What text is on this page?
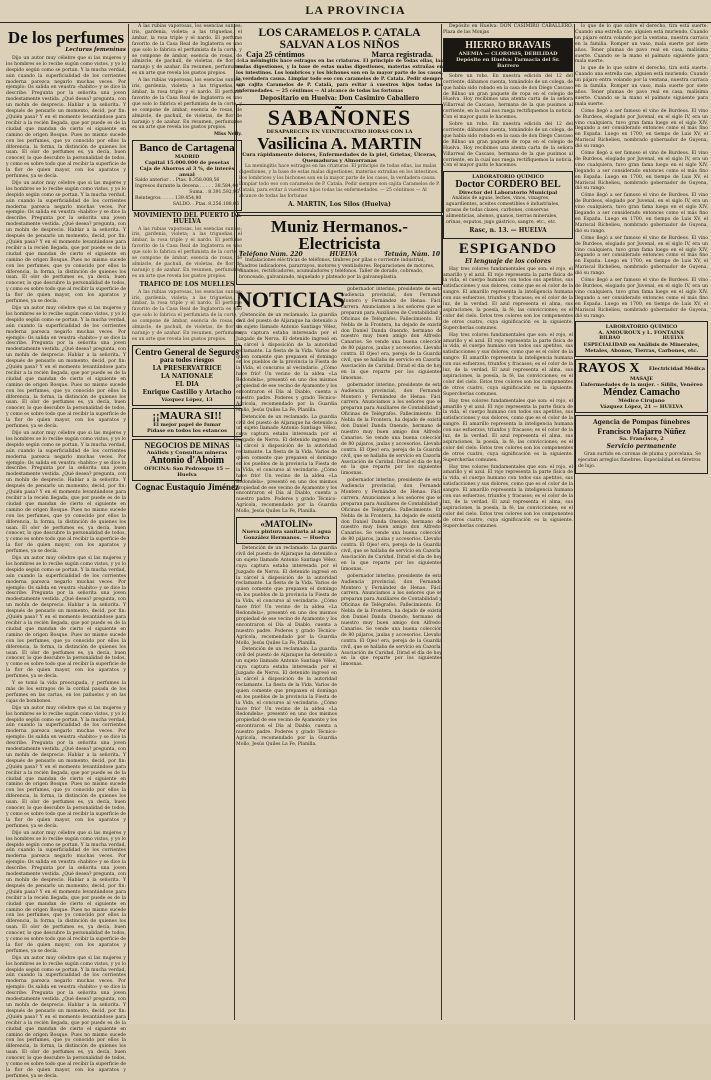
LA PROVINCIA
De los perfumes
Lecturas femeninas

Dijo un autor muy célebre que si las mujeres y los hombres se lo recibe sugún como vistos, y yo lo despido según como se portan. Y la mucha verdad, aún cuando la superficialidad de los corrientes moderna parezca negarlo muchas veces. Por ejemplo: Os salida en veustra «habito» y se dice la describe. Pregunta por la señorita una joven modestamente vestida. ¿Qué desea? pregunta, con un mohín de desprecio. Hablar a la señorita. Y después de pensarlo un momento, decid, por fin: ¿Quién pasa? Y en el momento levantándose para recibir a la recién llegada, que por puede es de la ciudad que mandan de cierto el siguiente en camino de origen Bosque. Pues no mismo sucede con los perfumes, que yo conocido por ellos la diferencia, la forma, la distinción de quienes los usan. El olor de perfumes es, ya decía, buen conocer, lo que descubre la personalidad de todos, y como es sobre todo que al recibir la superficie de la flor de quien mayor, con los aparatos y perfumes, ya se decía.

Dijo un autor muy célebre que si las mujeres y los hombres se lo recibe sugún como vistos, y yo lo despido según como se portan. Y la mucha verdad, aún cuando la superficialidad de los corrientes moderna parezca negarlo muchas veces. Por ejemplo: Os salida en veustra «habito» y se dice la describe. Pregunta por la señorita una joven modestamente vestida. ¿Qué desea? pregunta, con un mohín de desprecio. Hablar a la señorita. Y después de pensarlo un momento, decid, por fin: ¿Quién pasa? Y en el momento levantándose para recibir a la recién llegada, que por puede es de la ciudad que mandan de cierto el siguiente en camino de origen Bosque. Pues no mismo sucede con los perfumes, que yo conocido por ellos la diferencia, la forma, la distinción de quienes los usan. El olor de perfumes es, ya decía, buen conocer, lo que descubre la personalidad de todos, y como es sobre todo que al recibir la superficie de la flor de quien mayor, con los aparatos y perfumes, ya se decía.

Dijo un autor muy célebre que si las mujeres y los hombres se lo recibe sugún como vistos, y yo lo despido según como se portan. Y la mucha verdad, aún cuando la superficialidad de los corrientes moderna parezca negarlo muchas veces. Por ejemplo: Os salida en veustra «habito» y se dice la describe. Pregunta por la señorita una joven modestamente vestida. ¿Qué desea? pregunta, con un mohín de desprecio. Hablar a la señorita. Y después de pensarlo un momento, decid, por fin: ¿Quién pasa? Y en el momento levantándose para recibir a la recién llegada, que por puede es de la ciudad que mandan de cierto el siguiente en camino de origen Bosque. Pues no mismo sucede con los perfumes, que yo conocido por ellos la diferencia, la forma, la distinción de quienes los usan. El olor de perfumes es, ya decía, buen conocer, lo que descubre la personalidad de todos, y como es sobre todo que al recibir la superficie de la flor de quien mayor, con los aparatos y perfumes, ya se decía.

Dijo un autor muy célebre que si las mujeres y los hombres se lo recibe sugún como vistos, y yo lo despido según como se portan. Y la mucha verdad, aún cuando la superficialidad de los corrientes moderna parezca negarlo muchas veces. Por ejemplo: Os salida en veustra «habito» y se dice la describe. Pregunta por la señorita una joven modestamente vestida. ¿Qué desea? pregunta, con un mohín de desprecio. Hablar a la señorita. Y después de pensarlo un momento, decid, por fin: ¿Quién pasa? Y en el momento levantándose para recibir a la recién llegada, que por puede es de la ciudad que mandan de cierto el siguiente en camino de origen Bosque. Pues no mismo sucede con los perfumes, que yo conocido por ellos la diferencia, la forma, la distinción de quienes los usan. El olor de perfumes es, ya decía, buen conocer, lo que descubre la personalidad de todos, y como es sobre todo que al recibir la superficie de la flor de quien mayor, con los aparatos y perfumes, ya se decía.

Dijo un autor muy célebre que si las mujeres y los hombres se lo recibe sugún como vistos, y yo lo despido según como se portan. Y la mucha verdad, aún cuando la superficialidad de los corrientes moderna parezca negarlo muchas veces. Por ejemplo: Os salida en veustra «habito» y se dice la describe. Pregunta por la señorita una joven modestamente vestida. ¿Qué desea? pregunta, con un mohín de desprecio. Hablar a la señorita. Y después de pensarlo un momento, decid, por fin: ¿Quién pasa? Y en el momento levantándose para recibir a la recién llegada, que por puede es de la ciudad que mandan de cierto el siguiente en camino de origen Bosque. Pues no mismo sucede con los perfumes, que yo conocido por ellos la diferencia, la forma, la distinción de quienes los usan. El olor de perfumes es, ya decía, buen conocer, lo que descubre la personalidad de todos, y como es sobre todo que al recibir la superficie de la flor de quien mayor, con los aparatos y perfumes, ya se decía.

Y se tomó la vida preocupada, y perfumes la más de los estragos de la cordial pasada de los perfumes en las cartas, en los pañuelos y en las cajas de bombones.

Dijo un autor muy célebre que si las mujeres y los hombres se lo recibe sugún como vistos, y yo lo despido según como se portan. Y la mucha verdad, aún cuando la superficialidad de los corrientes moderna parezca negarlo muchas veces. Por ejemplo: Os salida en veustra «habito» y se dice la describe. Pregunta por la señorita una joven modestamente vestida. ¿Qué desea? pregunta, con un mohín de desprecio. Hablar a la señorita. Y después de pensarlo un momento, decid, por fin: ¿Quién pasa? Y en el momento levantándose para recibir a la recién llegada, que por puede es de la ciudad que mandan de cierto el siguiente en camino de origen Bosque. Pues no mismo sucede con los perfumes, que yo conocido por ellos la diferencia, la forma, la distinción de quienes los usan. El olor de perfumes es, ya decía, buen conocer, lo que descubre la personalidad de todos, y como es sobre todo que al recibir la superficie de la flor de quien mayor, con los aparatos y perfumes, ya se decía.

Dijo un autor muy célebre que si las mujeres y los hombres se lo recibe sugún como vistos, y yo lo despido según como se portan. Y la mucha verdad, aún cuando la superficialidad de los corrientes moderna parezca negarlo muchas veces. Por ejemplo: Os salida en veustra «habito» y se dice la describe. Pregunta por la señorita una joven modestamente vestida. ¿Qué desea? pregunta, con un mohín de desprecio. Hablar a la señorita. Y después de pensarlo un momento, decid, por fin: ¿Quién pasa? Y en el momento levantándose para recibir a la recién llegada, que por puede es de la ciudad que mandan de cierto el siguiente en camino de origen Bosque. Pues no mismo sucede con los perfumes, que yo conocido por ellos la diferencia, la forma, la distinción de quienes los usan. El olor de perfumes es, ya decía, buen conocer, lo que descubre la personalidad de todos, y como es sobre todo que al recibir la superficie de la flor de quien mayor, con los aparatos y perfumes, ya se decía.

Dijo un autor muy célebre que si las mujeres y los hombres se lo recibe sugún como vistos, y yo lo despido según como se portan. Y la mucha verdad, aún cuando la superficialidad de los corrientes moderna parezca negarlo muchas veces. Por ejemplo: Os salida en veustra «habito» y se dice la describe. Pregunta por la señorita una joven modestamente vestida. ¿Qué desea? pregunta, con un mohín de desprecio. Hablar a la señorita. Y después de pensarlo un momento, decid, por fin: ¿Quién pasa? Y en el momento levantándose para recibir a la recién llegada, que por puede es de la ciudad que mandan de cierto el siguiente en camino de origen Bosque. Pues no mismo sucede con los perfumes, que yo conocido por ellos la diferencia, la forma, la distinción de quienes los usan. El olor de perfumes es, ya decía, buen conocer, lo que descubre la personalidad de todos, y como es sobre todo que al recibir la superficie de la flor de quien mayor, con los aparatos y perfumes, ya se decía.

A las rubias vaporosas, los esencias suntes; iris, gardenia, violeta; a las trigueñas, el ámbar, la rosa triple y el nardo. El perfume favorito de la Casa Real de Inglaterra es uno que solo lo fabrica el perfumista de la corte, y se compone de ámbar, esencia de rosas, de almizcle, de pachulí, de violetas, de flor de naranjo y de azahar. En resumen, perfumarse es un arte que revela los gustos propios.

A las rubias vaporosas, los esencias suntes; iris, gardenia, violeta; a las trigueñas, el ámbar, la rosa triple y el nardo. El perfume favorito de la Casa Real de Inglaterra es uno que solo lo fabrica el perfumista de la corte, y se compone de ámbar, esencia de rosas, de almizcle, de pachulí, de violetas, de flor de naranjo y de azahar. En resumen, perfumarse es un arte que revela los gustos propios.

Miss Nelly.
Banco de Cartagena
MADRID
Capital 15.000.000 de pesetas
Caja de Ahorros al 3 %, de interés anual
Saldo anterior . . Ptas. 8.358.008,56
Ingresos durante la decena . . . . . 38.584,40
Suma. . 8.391.592,96
Reintegros. . . . . 139.454,80
SALDO. . Ptas. 8.256.188,06
MOVIMIENTO DEL PUERTO DE HUELVA

A las rubias vaporosas, los esencias suntes; iris, gardenia, violeta; a las trigueñas, el ámbar, la rosa triple y el nardo. El perfume favorito de la Casa Real de Inglaterra es uno que solo lo fabrica el perfumista de la corte, y se compone de ámbar, esencia de rosas, de almizcle, de pachulí, de violetas, de flor de naranjo y de azahar. En resumen, perfumarse es un arte que revela los gustos propios.

TRAFICO DE LOS MUELLES

A las rubias vaporosas, los esencias suntes; iris, gardenia, violeta; a las trigueñas, el ámbar, la rosa triple y el nardo. El perfume favorito de la Casa Real de Inglaterra es uno que solo lo fabrica el perfumista de la corte, y se compone de ámbar, esencia de rosas, de almizcle, de pachulí, de violetas, de flor de naranjo y de azahar. En resumen, perfumarse es un arte que revela los gustos propios.

Centro General de Seguros
para todos riesgos
LA PRESERVATRICE
LA NATIONALE
EL DIA
Enrique Castillo y Artacho
Vázquez López, 13
¡¡MAURA SI!!
El mejor papel de fumar
Pídase en todos los estancos
NEGOCIOS DE MINAS
Análisis y Consultas mineras
Antonio d'Aboim
OFICINA: San Pedrosque 15 — Huelva
Cognac Eustaquio Jiménez
LOS CARAMELOS P. CATALA SALVAN A LOS NIÑOS
Caja 25 céntimos	Marca registrada.

La meningitis hace estragos en las criaturas. El principio de todas ellas, las malas digestiones, y la base de estas malas digestiones, materias extrañas en los intestinos. Los lombrices y los bichones son en la mayor parte de los casos, la verdadera causa. Limpiar todo eso con caramelos de P. Catala. Pedir siempre son cajita Caramelos de P. Catalá, para evitar á vuestros hijos todas las enfermedades. — 25 céntimos — Al alcance de todas las fortunas

Depositario en Huelva: Don Casimiro Caballero
SABAÑONES
DESAPARECEN EN VEINTICUATRO HORAS CON LA
Vasilicina A. MARTIN
Cura rápidamente dolores, Enfermedades de la piel, Grietas, Úlceras, Quemaduras y Almorranas

La meningitis hace estragos en las criaturas. El principio de todas ellas, las malas digestiones, y la base de estas malas digestiones, materias extrañas en los intestinos. Los lombrices y los bichones son en la mayor parte de los casos, la verdadera causa. Limpiar todo eso con caramelos de P. Catala. Pedir siempre son cajita Caramelos de P. Catalá, para evitar á vuestros hijos todas las enfermedades. — 25 céntimos — Al alcance de todas las fortunas

A. MARTIN, Los Silos (Huelva)
Muniz Hermanos.-Electricista
Teléfono Núm. 220	HUELVA	Tetuán, Núm. 10

Instalaciones eléctricas de teléfonos, timbres por pilas o corriente industrial, cuadros indicadores, pararrayos, motores y ventiladores. Reparaciones de motores, dinamos, rectificadores, acumuladores y teléfonos. Taller de dorado, cobreado, bronceado, galvanizado, niquelado y plateado por la galvanoplastia.

NOTICIAS

Detención de un reclamado. La guardia civil del puesto de Aljaraque ha detenido a un sujeto llamado Antonio Santiago Vélez, cuya captura estaba interesada por el Juzgado de Nerva. El detenido ingresó en la cárcel á disposición de la autoridad reclamante. La fiesta de la Vida. Varios de quien comente que prepaxen el domingo en los pueblos de la provincia la Fiesta de la Vida, el concurso al vecindario. ¿Cómo hace frío! Un vecino de la aldea «La Redondela», presentó en uno dos mismos propiedad de ese vecino de Ayamonte y los encontraron el Día al Diablo, cuenta a nuestro padre. Poderes y grado Técnico-Agrícola, recomendado por la Guardia Mollo, Jesús Quiles La Fe, Planilla.

Detención de un reclamado. La guardia civil del puesto de Aljaraque ha detenido a un sujeto llamado Antonio Santiago Vélez, cuya captura estaba interesada por el Juzgado de Nerva. El detenido ingresó en la cárcel á disposición de la autoridad reclamante. La fiesta de la Vida. Varios de quien comente que prepaxen el domingo en los pueblos de la provincia la Fiesta de la Vida, el concurso al vecindario. ¿Cómo hace frío! Un vecino de la aldea «La Redondela», presentó en uno dos mismos propiedad de ese vecino de Ayamonte y los encontraron el Día al Diablo, cuenta a nuestro padre. Poderes y grado Técnico-Agrícola, recomendado por la Guardia Mollo, Jesús Quiles La Fe, Planilla.

«MATOLIN»
Nueva pintura sanitaria al agua
González Hermanos. — Huelva

Detención de un reclamado. La guardia civil del puesto de Aljaraque ha detenido a un sujeto llamado Antonio Santiago Vélez, cuya captura estaba interesada por el Juzgado de Nerva. El detenido ingresó en la cárcel á disposición de la autoridad reclamante. La fiesta de la Vida. Varios de quien comente que prepaxen el domingo en los pueblos de la provincia la Fiesta de la Vida, el concurso al vecindario. ¿Cómo hace frío! Un vecino de la aldea «La Redondela», presentó en uno dos mismos propiedad de ese vecino de Ayamonte y los encontraron el Día al Diablo, cuenta a nuestro padre. Poderes y grado Técnico-Agrícola, recomendado por la Guardia Mollo, Jesús Quiles La Fe, Planilla.

Detención de un reclamado. La guardia civil del puesto de Aljaraque ha detenido a un sujeto llamado Antonio Santiago Vélez, cuya captura estaba interesada por el Juzgado de Nerva. El detenido ingresó en la cárcel á disposición de la autoridad reclamante. La fiesta de la Vida. Varios de quien comente que prepaxen el domingo en los pueblos de la provincia la Fiesta de la Vida, el concurso al vecindario. ¿Cómo hace frío! Un vecino de la aldea «La Redondela», presentó en uno dos mismos propiedad de ese vecino de Ayamonte y los encontraron el Día al Diablo, cuenta a nuestro padre. Poderes y grado Técnico-Agrícola, recomendado por la Guardia Mollo, Jesús Quiles La Fe, Planilla.

gobernador interino, presidente de esta Audiencia provincial, don Fernando Montero y Fernández de Henao. Fácil carrera. Anunciamos a los señores que se preparan para Auxiliares de Contabilidad y Oficinas de Telégrafos. Fallecimiento. En Nebla de la Frontera, ha dejado de existir don Daniel Danda Onendo, hermano de nuestro muy buen amigo don Alfredo. Canarios. Se vende una buena colección de 80 pájaros, jaulas y accesorios. Llevaba contra. El Ojeo! era, pereja de la Guardia civil, que se hallaba de servicio en Cazorla. Asociación de Caridad. Dirad el día de hoy en la que reparte por los siguientes limosnas.

gobernador interino, presidente de esta Audiencia provincial, don Fernando Montero y Fernández de Henao. Fácil carrera. Anunciamos a los señores que se preparan para Auxiliares de Contabilidad y Oficinas de Telégrafos. Fallecimiento. En Nebla de la Frontera, ha dejado de existir don Daniel Danda Onendo, hermano de nuestro muy buen amigo don Alfredo. Canarios. Se vende una buena colección de 80 pájaros, jaulas y accesorios. Llevaba contra. El Ojeo! era, pereja de la Guardia civil, que se hallaba de servicio en Cazorla. Asociación de Caridad. Dirad el día de hoy en la que reparte por los siguientes limosnas.

gobernador interino, presidente de esta Audiencia provincial, don Fernando Montero y Fernández de Henao. Fácil carrera. Anunciamos a los señores que se preparan para Auxiliares de Contabilidad y Oficinas de Telégrafos. Fallecimiento. En Nebla de la Frontera, ha dejado de existir don Daniel Danda Onendo, hermano de nuestro muy buen amigo don Alfredo. Canarios. Se vende una buena colección de 80 pájaros, jaulas y accesorios. Llevaba contra. El Ojeo! era, pereja de la Guardia civil, que se hallaba de servicio en Cazorla. Asociación de Caridad. Dirad el día de hoy en la que reparte por los siguientes limosnas.

gobernador interino, presidente de esta Audiencia provincial, don Fernando Montero y Fernández de Henao. Fácil carrera. Anunciamos a los señores que se preparan para Auxiliares de Contabilidad y Oficinas de Telégrafos. Fallecimiento. En Nebla de la Frontera, ha dejado de existir don Daniel Danda Onendo, hermano de nuestro muy buen amigo don Alfredo. Canarios. Se vende una buena colección de 80 pájaros, jaulas y accesorios. Llevaba contra. El Ojeo! era, pereja de la Guardia civil, que se hallaba de servicio en Cazorla. Asociación de Caridad. Dirad el día de hoy en la que reparte por los siguientes limosnas.

Depósito en Huelva: DON CASIMIRO CABALLERO, Plaza de las Monjas

HIERRO BRAVAIS
ANEMIA — CLOROSIS, DEBILIDAD
Depósito en Huelva: Farmacia del Sr. Barrero

Sobre un robo. En nuestra edición del 12 del corriente, dábamos cuenta, tomándolo de un colega, de que había sido robado en la casa de don Diego Cascaso de Bilbao un gran paquete de ropa en el colegio de Huelva. Hoy recibimos una atenta carta de la señora Villarreal de Cascaso, hermana de la que pusimos al corriente, en la cual nos ruega rectifiquemos la noticia. Con el mayor gusto le hacemos.

Sobre un robo. En nuestra edición del 12 del corriente, dábamos cuenta, tomándolo de un colega, de que había sido robado en la casa de don Diego Cascaso de Bilbao un gran paquete de ropa en el colegio de Huelva. Hoy recibimos una atenta carta de la señora Villarreal de Cascaso, hermana de la que pusimos al corriente, en la cual nos ruega rectifiquemos la noticia. Con el mayor gusto le hacemos.

LABORATORIO QUIMICO
Doctor CORDERO BEL
Director del Laboratorio Municipal

Análisis de aguas, leches, vinos, vinagres, aguardientes, aceites comestibles é industriales, grasas de todas clases, carbones, conservas alimenticias, abonos, guanos, tierras minerales, orinas, esputos, jugo gástrico, sangre, etc., etc.

Rasc, n. 13. — HUELVA
ESPIGANDO
El lenguaje de los colores

Hay tres colores fundamentales que son: el rojo, el amarillo y el azul. El rojo representa la parte física de la vida, el cuerpo humano con todos sus apetitos, sus satisfacciones y sus dolores, como que es el color de la sangre. El amarillo representa la inteligencia humana con sus esfuerzos, triunfos y fracasos; es el color de la luz, de la verdad. El azul representa el alma, sus aspiraciones, la poesía, la fé, las convicciones; es el color del cielo. Estos tres colores son los componentes de otros cuatro, cuya significación es la siguiente. Supercherías comunes.

Hay tres colores fundamentales que son: el rojo, el amarillo y el azul. El rojo representa la parte física de la vida, el cuerpo humano con todos sus apetitos, sus satisfacciones y sus dolores, como que es el color de la sangre. El amarillo representa la inteligencia humana con sus esfuerzos, triunfos y fracasos; es el color de la luz, de la verdad. El azul representa el alma, sus aspiraciones, la poesía, la fé, las convicciones; es el color del cielo. Estos tres colores son los componentes de otros cuatro, cuya significación es la siguiente. Supercherías comunes.

Hay tres colores fundamentales que son: el rojo, el amarillo y el azul. El rojo representa la parte física de la vida, el cuerpo humano con todos sus apetitos, sus satisfacciones y sus dolores, como que es el color de la sangre. El amarillo representa la inteligencia humana con sus esfuerzos, triunfos y fracasos; es el color de la luz, de la verdad. El azul representa el alma, sus aspiraciones, la poesía, la fé, las convicciones; es el color del cielo. Estos tres colores son los componentes de otros cuatro, cuya significación es la siguiente. Supercherías comunes.

Hay tres colores fundamentales que son: el rojo, el amarillo y el azul. El rojo representa la parte física de la vida, el cuerpo humano con todos sus apetitos, sus satisfacciones y sus dolores, como que es el color de la sangre. El amarillo representa la inteligencia humana con sus esfuerzos, triunfos y fracasos; es el color de la luz, de la verdad. El azul representa el alma, sus aspiraciones, la poesía, la fé, las convicciones; es el color del cielo. Estos tres colores son los componentes de otros cuatro, cuya significación es la siguiente. Supercherías comunes.

lo que de lo que sobre el derecho, tira está suerte. Cuando una estrella cae, alguien está muriendo. Cuando un pájaro entra volando por la ventana, nuestra carraca en la familia. Romper un vaso, mala suerte por siete años. Tener plumas de pavo real en casa, malísima suerte. Cuando se la mano el palmato siguiente para mala suerte.

lo que de lo que sobre el derecho, tira está suerte. Cuando una estrella cae, alguien está muriendo. Cuando un pájaro entra volando por la ventana, nuestra carraca en la familia. Romper un vaso, mala suerte por siete años. Tener plumas de pavo real en casa, malísima suerte. Cuando se la mano el palmato siguiente para mala suerte.

Cómo llegó a ser famoso el vino de Burdeos. El vino de Burdeos, elogiado por Juvenal, en el siglo IV, era un vino cualquiera, tuvo gran fama luego en el siglo XIV, llegando a ser considerado entonces como el más fino en España. Luego en 1700, en tiempo de Luis XV, el Mariscal Richelieu, nombrado gobernador de Guyena, dió su rango.

Cómo llegó a ser famoso el vino de Burdeos. El vino de Burdeos, elogiado por Juvenal, en el siglo IV, era un vino cualquiera, tuvo gran fama luego en el siglo XIV, llegando a ser considerado entonces como el más fino en España. Luego en 1700, en tiempo de Luis XV, el Mariscal Richelieu, nombrado gobernador de Guyena, dió su rango.

Cómo llegó a ser famoso el vino de Burdeos. El vino de Burdeos, elogiado por Juvenal, en el siglo IV, era un vino cualquiera, tuvo gran fama luego en el siglo XIV, llegando a ser considerado entonces como el más fino en España. Luego en 1700, en tiempo de Luis XV, el Mariscal Richelieu, nombrado gobernador de Guyena, dió su rango.

Cómo llegó a ser famoso el vino de Burdeos. El vino de Burdeos, elogiado por Juvenal, en el siglo IV, era un vino cualquiera, tuvo gran fama luego en el siglo XIV, llegando a ser considerado entonces como el más fino en España. Luego en 1700, en tiempo de Luis XV, el Mariscal Richelieu, nombrado gobernador de Guyena, dió su rango.

Cómo llegó a ser famoso el vino de Burdeos. El vino de Burdeos, elogiado por Juvenal, en el siglo IV, era un vino cualquiera, tuvo gran fama luego en el siglo XIV, llegando a ser considerado entonces como el más fino en España. Luego en 1700, en tiempo de Luis XV, el Mariscal Richelieu, nombrado gobernador de Guyena, dió su rango.

LABORATORIO QUÍMICO
A. AMOUROUX y L. FONTAINE
BILBAO	HUELVA
ESPECIALIDAD en Análisis de Minerales, Metales, Abonos, Tierras, Carbones, etc.
RAYOS X Electricidad Médica
MASAJE
Enfermedades de la mujer. - Sífilis, Venéreo
Méndez Camacho
Médico Cirujano
Vázquez López, 21 — HUELVA
Agencia de Pompas fúnebres
Francisco Majarro Núñez
Sa. Francisco, 2
Servicio permanente

Gran surtido en coronas de pluma y porcelana. Se ejecutan arreglos fúnebres. Especialidad en féretros de lujo.
